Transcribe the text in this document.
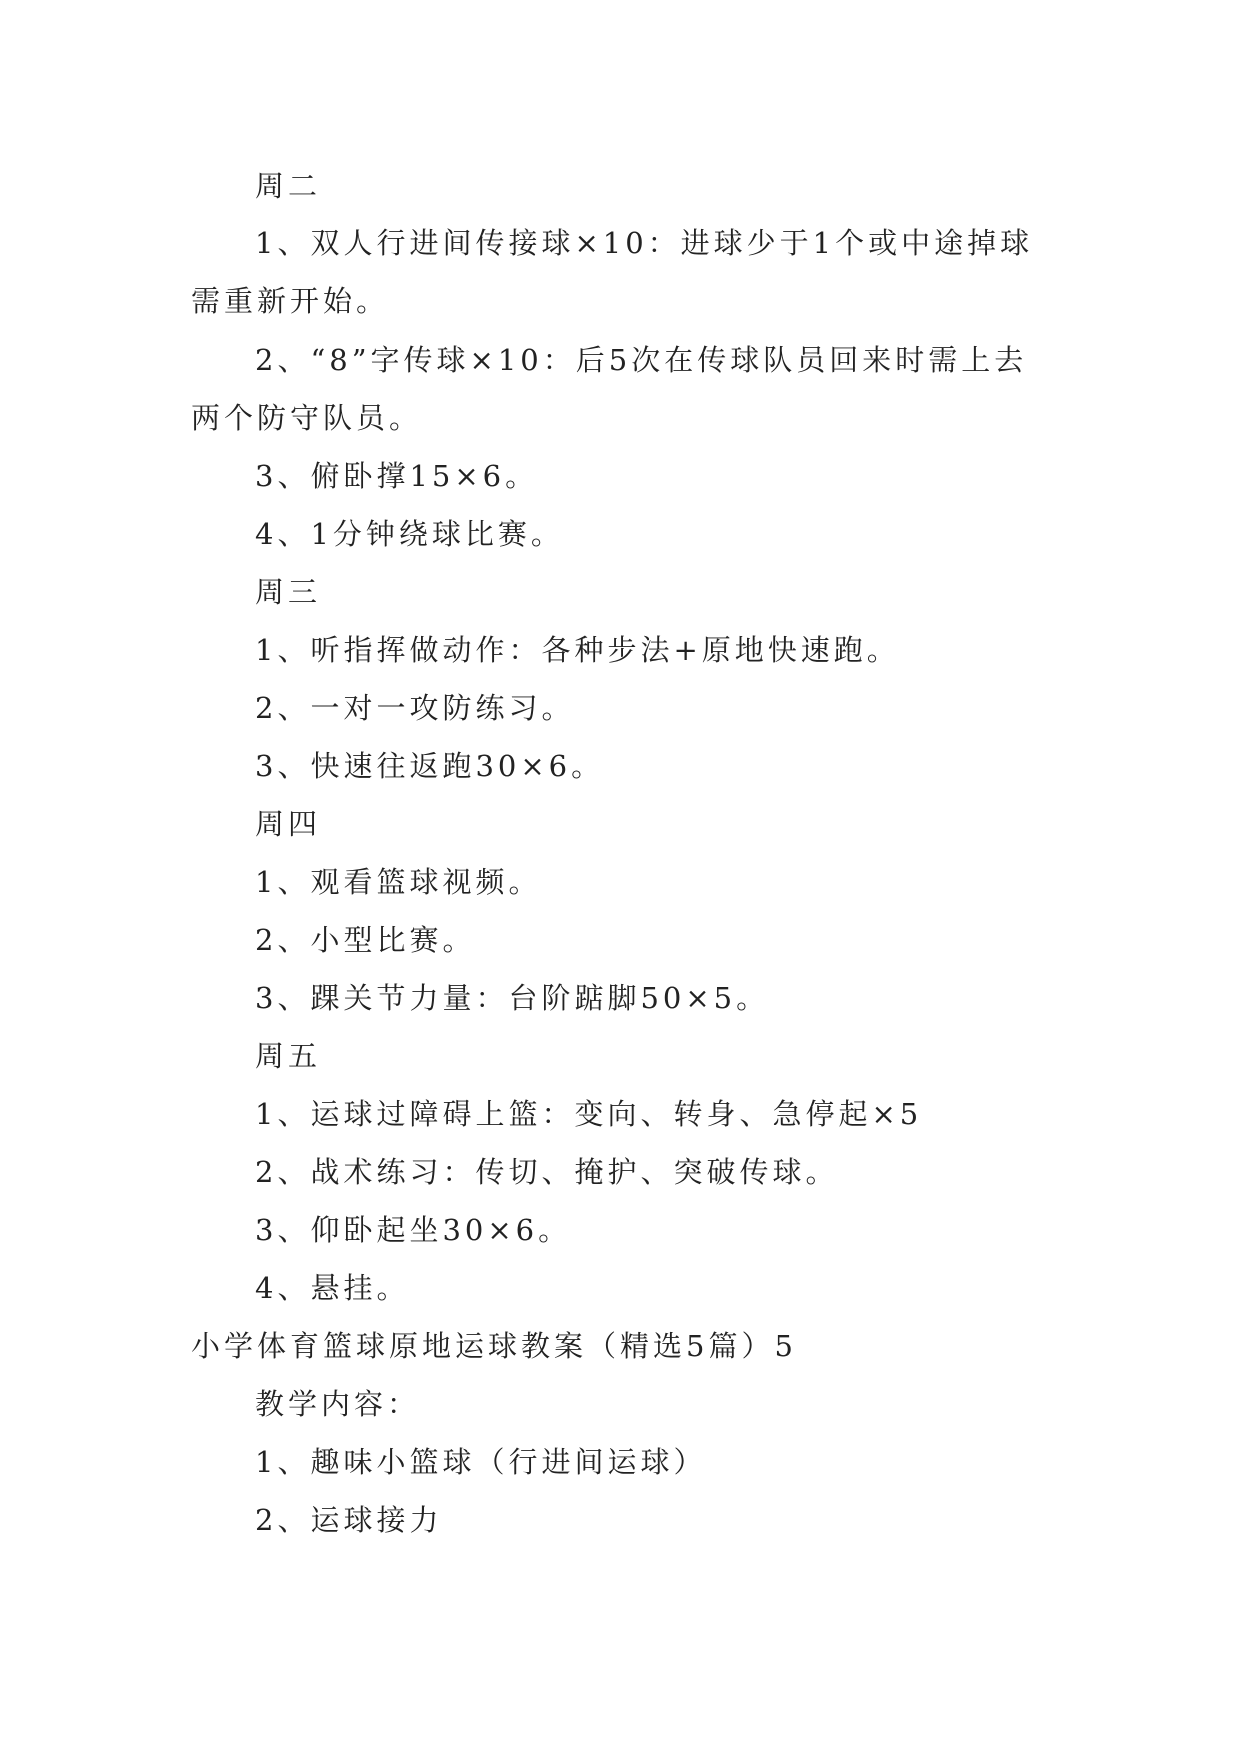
周二
1、双人行进间传接球×10：进球少于1个或中途掉球
需重新开始。
2、“8”字传球×10：后5次在传球队员回来时需上去
两个防守队员。
3、俯卧撑15×6。
4、1分钟绕球比赛。
周三
1、听指挥做动作：各种步法+原地快速跑。
2、一对一攻防练习。
3、快速往返跑30×6。
周四
1、观看篮球视频。
2、小型比赛。
3、踝关节力量：台阶踮脚50×5。
周五
1、运球过障碍上篮：变向、转身、急停起×5
2、战术练习：传切、掩护、突破传球。
3、仰卧起坐30×6。
4、悬挂。
小学体育篮球原地运球教案（精选5篇）5
教学内容：
1、趣味小篮球（行进间运球）
2、运球接力
